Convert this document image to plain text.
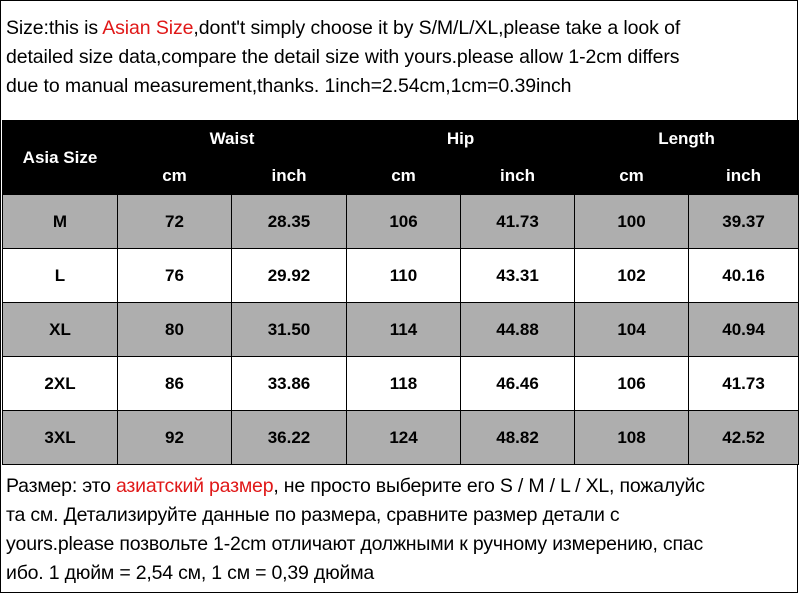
Size:this is Asian Size,dont't simply choose it by S/M/L/XL,please take a look of
detailed size data,compare the detail size with yours.please allow 1-2cm differs
due to manual measurement,thanks. 1inch=2.54cm,1cm=0.39inch
Asia Size	Waist		Hip		Length	
	cm	inch	cm	inch	cm	inch
M	72	28.35	106	41.73	100	39.37
L	76	29.92	110	43.31	102	40.16
XL	80	31.50	114	44.88	104	40.94
2XL	86	33.86	118	46.46	106	41.73
3XL	92	36.22	124	48.82	108	42.52
Размер: это азиатский размер, не просто выберите его S / M / L / XL, пожалуйс
та см. Детализируйте данные по размера, сравните размер детали с
yours.please позвольте 1-2cm отличают должными к ручному измерению, спас
ибо. 1 дюйм = 2,54 см, 1 см = 0,39 дюйма
